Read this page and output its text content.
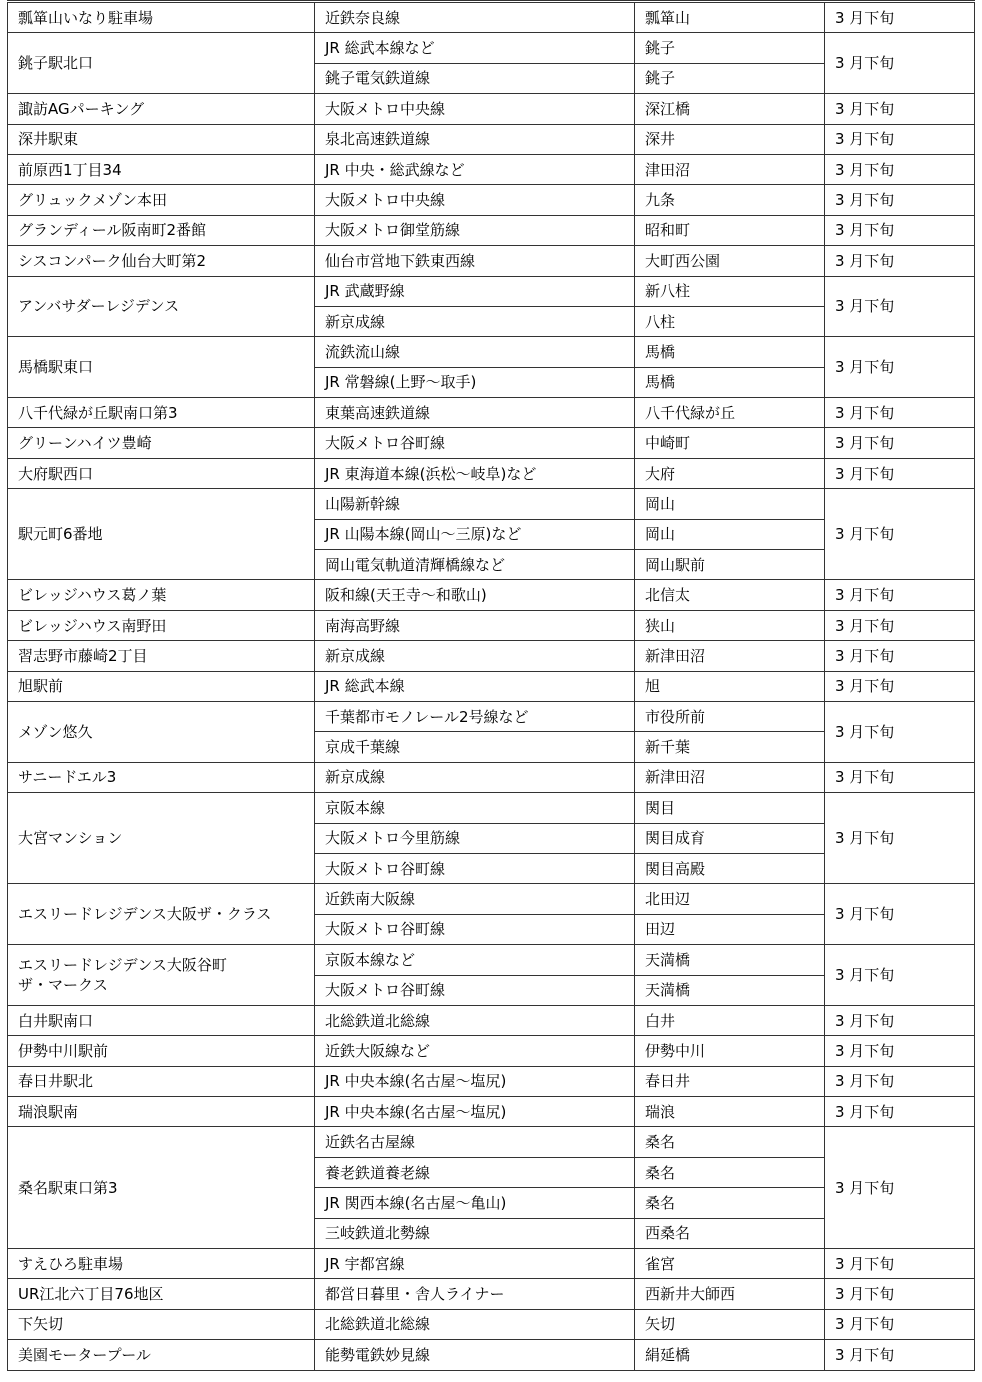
瓢箪山いなり駐車場	近鉄奈良線	瓢箪山	3 月下旬

銚子駅北口	JR 総武本線など	銚子	3 月下旬
	銚子電気鉄道線	銚子	

諏訪AGパーキング	大阪メトロ中央線	深江橋	3 月下旬

深井駅東	泉北高速鉄道線	深井	3 月下旬

前原西1丁目34	JR 中央・総武線など	津田沼	3 月下旬

グリュックメゾン本田	大阪メトロ中央線	九条	3 月下旬

グランディール阪南町2番館	大阪メトロ御堂筋線	昭和町	3 月下旬

シスコンパーク仙台大町第2	仙台市営地下鉄東西線	大町西公園	3 月下旬

アンバサダーレジデンス	JR 武蔵野線	新八柱	3 月下旬
	新京成線	八柱	

馬橋駅東口	流鉄流山線	馬橋	3 月下旬
	JR 常磐線(上野～取手)	馬橋	

八千代緑が丘駅南口第3	東葉高速鉄道線	八千代緑が丘	3 月下旬

グリーンハイツ豊崎	大阪メトロ谷町線	中崎町	3 月下旬

大府駅西口	JR 東海道本線(浜松～岐阜)など	大府	3 月下旬

駅元町6番地	山陽新幹線	岡山	3 月下旬
	JR 山陽本線(岡山～三原)など	岡山	
	岡山電気軌道清輝橋線など	岡山駅前	

ビレッジハウス葛ノ葉	阪和線(天王寺～和歌山)	北信太	3 月下旬

ビレッジハウス南野田	南海高野線	狭山	3 月下旬

習志野市藤崎2丁目	新京成線	新津田沼	3 月下旬

旭駅前	JR 総武本線	旭	3 月下旬

メゾン悠久	千葉都市モノレール2号線など	市役所前	3 月下旬
	京成千葉線	新千葉	

サニードエル3	新京成線	新津田沼	3 月下旬

大宮マンション	京阪本線	関目	3 月下旬
	大阪メトロ今里筋線	関目成育	
	大阪メトロ谷町線	関目高殿	

エスリードレジデンス大阪ザ・クラス	近鉄南大阪線	北田辺	3 月下旬
	大阪メトロ谷町線	田辺	

エスリードレジデンス大阪谷町
ザ・マークス	京阪本線など	天満橋	3 月下旬
	大阪メトロ谷町線	天満橋	

白井駅南口	北総鉄道北総線	白井	3 月下旬

伊勢中川駅前	近鉄大阪線など	伊勢中川	3 月下旬

春日井駅北	JR 中央本線(名古屋～塩尻)	春日井	3 月下旬

瑞浪駅南	JR 中央本線(名古屋～塩尻)	瑞浪	3 月下旬

桑名駅東口第3	近鉄名古屋線	桑名	3 月下旬
	養老鉄道養老線	桑名	
	JR 関西本線(名古屋～亀山)	桑名	
	三岐鉄道北勢線	西桑名	

すえひろ駐車場	JR 宇都宮線	雀宮	3 月下旬

UR江北六丁目76地区	都営日暮里・舎人ライナー	西新井大師西	3 月下旬

下矢切	北総鉄道北総線	矢切	3 月下旬

美園モータープール	能勢電鉄妙見線	絹延橋	3 月下旬
